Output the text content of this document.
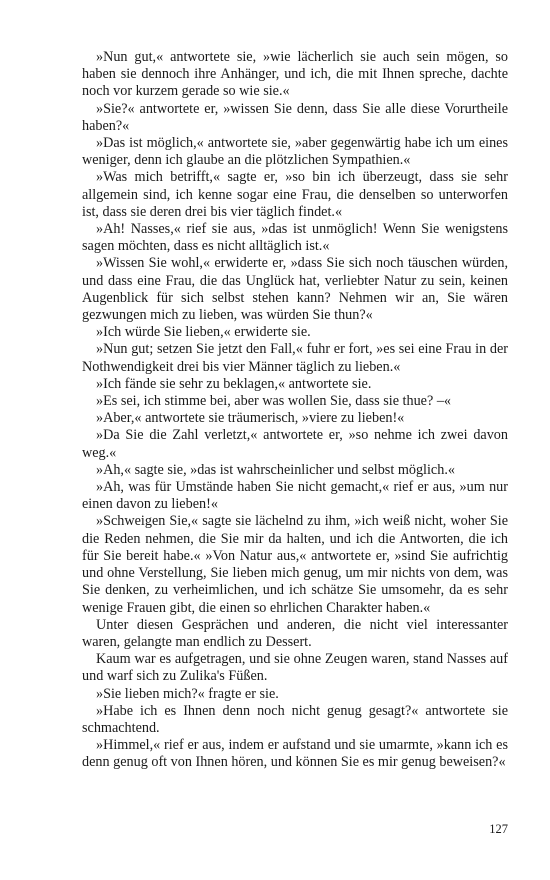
»Nun gut,« antwortete sie, »wie lächerlich sie auch sein mögen, so haben sie dennoch ihre Anhänger, und ich, die mit Ihnen spreche, dachte noch vor kurzem gerade so wie sie.«

»Sie?« antwortete er, »wissen Sie denn, dass Sie alle diese Vorurtheile haben?«

»Das ist möglich,« antwortete sie, »aber gegenwärtig habe ich um eines weniger, denn ich glaube an die plötzlichen Sympathien.«

»Was mich betrifft,« sagte er, »so bin ich überzeugt, dass sie sehr allgemein sind, ich kenne sogar eine Frau, die denselben so unterworfen ist, dass sie deren drei bis vier täglich findet.«

»Ah! Nasses,« rief sie aus, »das ist unmöglich! Wenn Sie wenigstens sagen möchten, dass es nicht alltäglich ist.«

»Wissen Sie wohl,« erwiderte er, »dass Sie sich noch täuschen würden, und dass eine Frau, die das Unglück hat, verliebter Natur zu sein, keinen Augenblick für sich selbst stehen kann? Nehmen wir an, Sie wären gezwungen mich zu lieben, was würden Sie thun?«

»Ich würde Sie lieben,« erwiderte sie.

»Nun gut; setzen Sie jetzt den Fall,« fuhr er fort, »es sei eine Frau in der Nothwendigkeit drei bis vier Männer täglich zu lieben.«

»Ich fände sie sehr zu beklagen,« antwortete sie.

»Es sei, ich stimme bei, aber was wollen Sie, dass sie thue? –«

»Aber,« antwortete sie träumerisch, »viere zu lieben!«

»Da Sie die Zahl verletzt,« antwortete er, »so nehme ich zwei davon weg.«

»Ah,« sagte sie, »das ist wahrscheinlicher und selbst möglich.«

»Ah, was für Umstände haben Sie nicht gemacht,« rief er aus, »um nur einen davon zu lieben!«

»Schweigen Sie,« sagte sie lächelnd zu ihm, »ich weiß nicht, woher Sie die Reden nehmen, die Sie mir da halten, und ich die Antworten, die ich für Sie bereit habe.« »Von Natur aus,« antwortete er, »sind Sie aufrichtig und ohne Verstellung, Sie lieben mich genug, um mir nichts von dem, was Sie denken, zu verheimlichen, und ich schätze Sie umsomehr, da es sehr wenige Frauen gibt, die einen so ehrlichen Charakter haben.«

Unter diesen Gesprächen und anderen, die nicht viel interessanter waren, gelangte man endlich zu Dessert.

Kaum war es aufgetragen, und sie ohne Zeugen waren, stand Nasses auf und warf sich zu Zulika's Füßen.

»Sie lieben mich?« fragte er sie.

»Habe ich es Ihnen denn noch nicht genug gesagt?« antwortete sie schmachtend.

»Himmel,« rief er aus, indem er aufstand und sie umarmte, »kann ich es denn genug oft von Ihnen hören, und können Sie es mir genug beweisen?«

127
